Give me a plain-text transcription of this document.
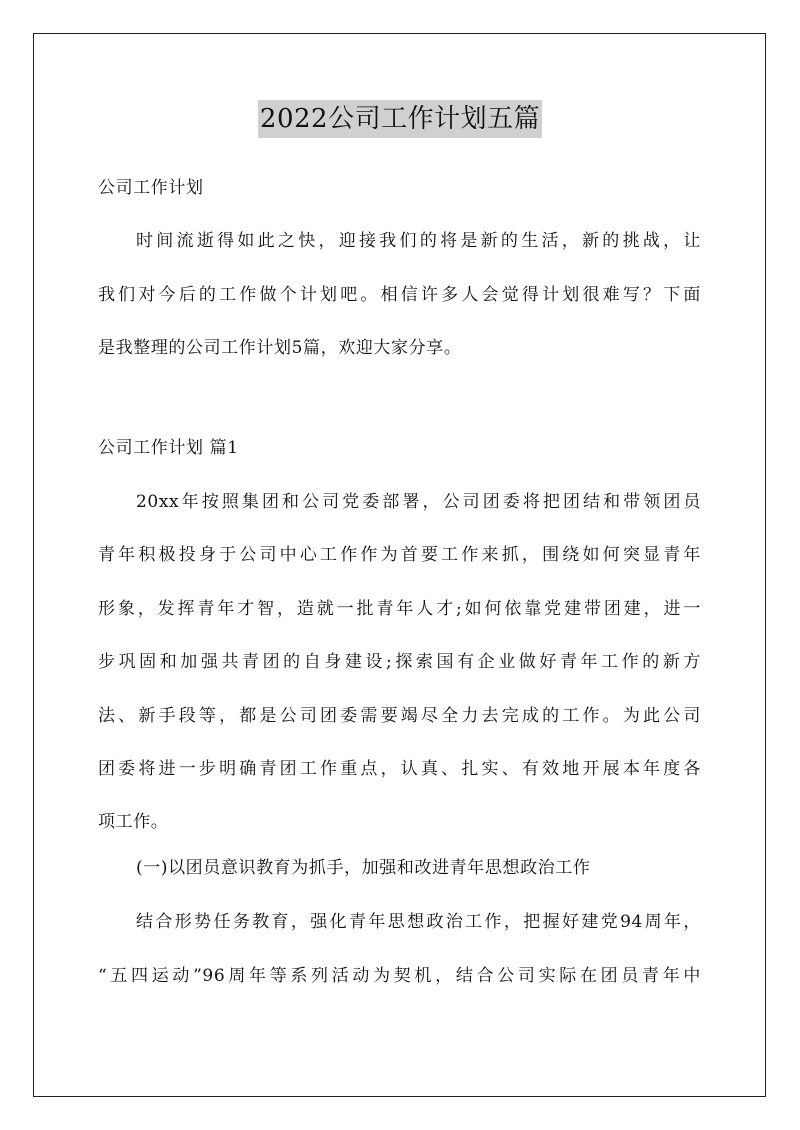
2022公司工作计划五篇
公司工作计划
时间流逝得如此之快，迎接我们的将是新的生活，新的挑战，让
我们对今后的工作做个计划吧。相信许多人会觉得计划很难写？下面
是我整理的公司工作计划5篇，欢迎大家分享。
公司工作计划 篇1
20xx年按照集团和公司党委部署，公司团委将把团结和带领团员
青年积极投身于公司中心工作作为首要工作来抓，围绕如何突显青年
形象，发挥青年才智，造就一批青年人才;如何依靠党建带团建，进一
步巩固和加强共青团的自身建设;探索国有企业做好青年工作的新方
法、新手段等，都是公司团委需要竭尽全力去完成的工作。为此公司
团委将进一步明确青团工作重点，认真、扎实、有效地开展本年度各
项工作。
(一)以团员意识教育为抓手，加强和改进青年思想政治工作
结合形势任务教育，强化青年思想政治工作，把握好建党94周年，
“五四运动”96周年等系列活动为契机，结合公司实际在团员青年中
